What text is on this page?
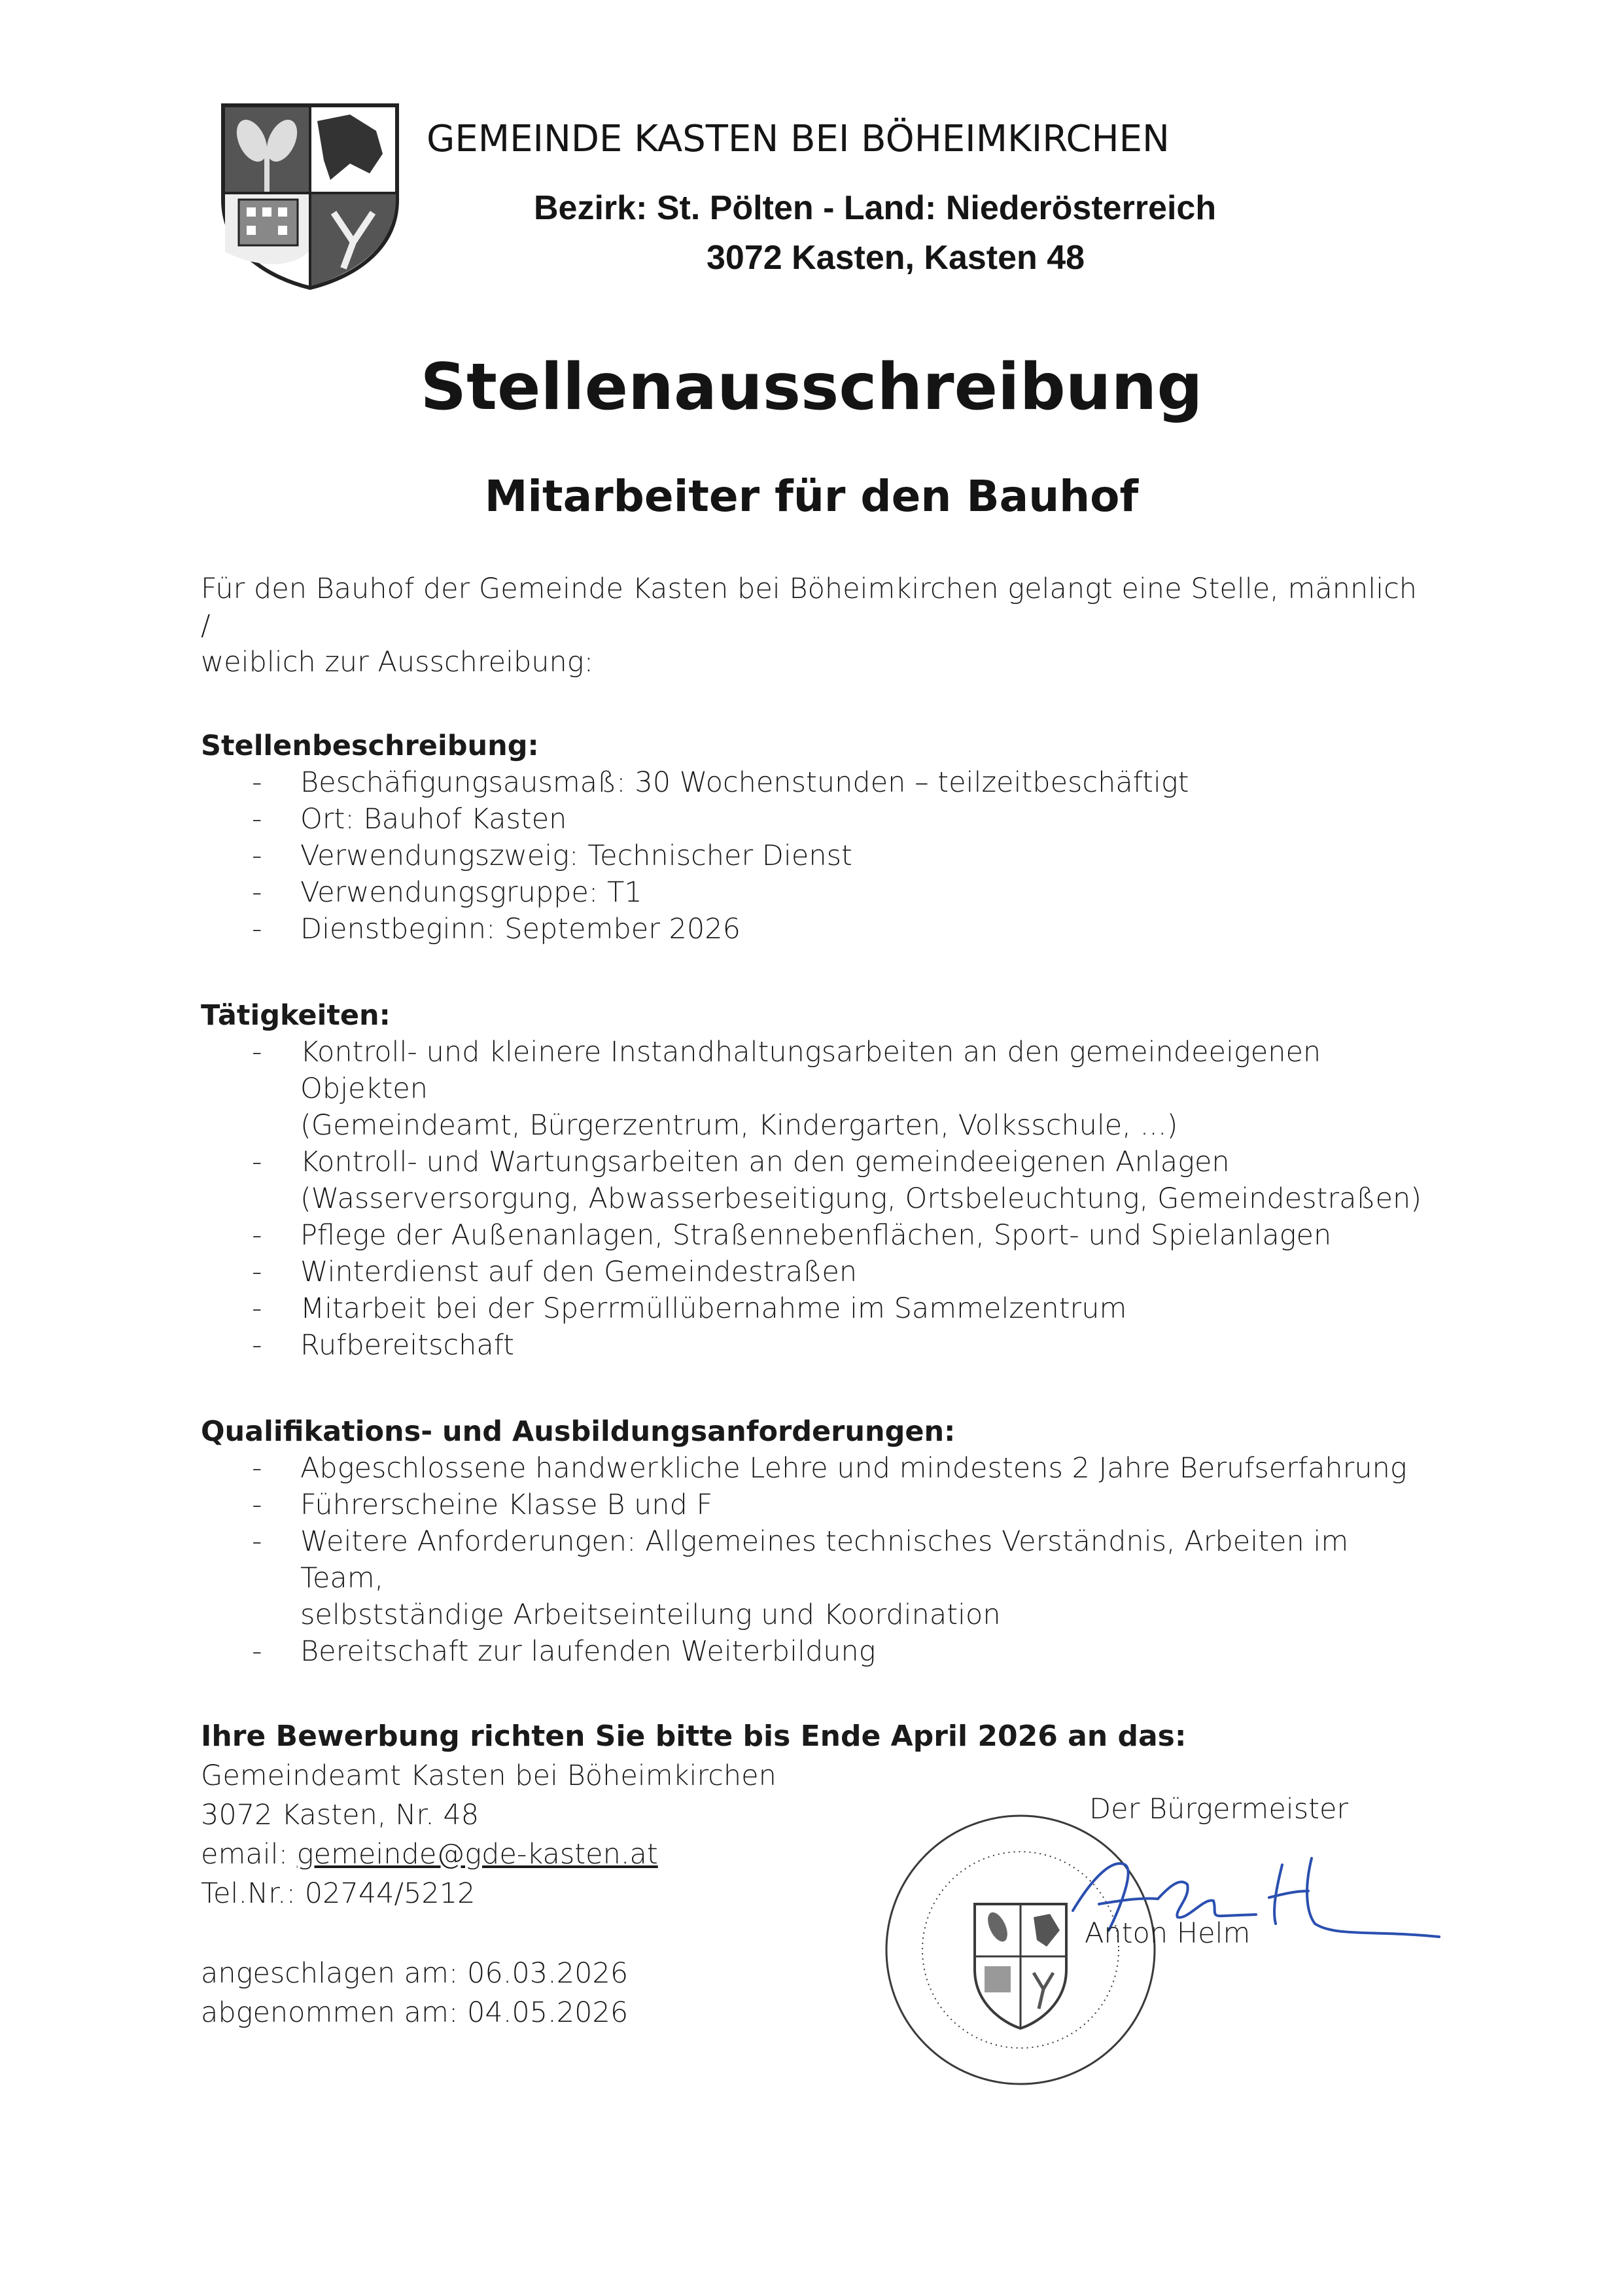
GEMEINDE KASTEN BEI BÖHEIMKIRCHEN
Bezirk: St. Pölten - Land: Niederösterreich
3072 Kasten, Kasten 48
Stellenausschreibung
Mitarbeiter für den Bauhof

Für den Bauhof der Gemeinde Kasten bei Böheimkirchen gelangt eine Stelle, männlich /

weiblich zur Ausschreibung:

Stellenbeschreibung:

- Beschäfigungsausmaß: 30 Wochenstunden – teilzeitbeschäftigt
- Ort: Bauhof Kasten
- Verwendungszweig: Technischer Dienst
- Verwendungsgruppe: T1
- Dienstbeginn: September 2026

Tätigkeiten:

- Kontroll- und kleinere Instandhaltungsarbeiten an den gemeindeeigenen Objekten
(Gemeindeamt, Bürgerzentrum, Kindergarten, Volksschule, ...)
- Kontroll- und Wartungsarbeiten an den gemeindeeigenen Anlagen
(Wasserversorgung, Abwasserbeseitigung, Ortsbeleuchtung, Gemeindestraßen)
- Pflege der Außenanlagen, Straßennebenflächen, Sport- und Spielanlagen
- Winterdienst auf den Gemeindestraßen
- Mitarbeit bei der Sperrmüllübernahme im Sammelzentrum
- Rufbereitschaft

Qualifikations- und Ausbildungsanforderungen:

- Abgeschlossene handwerkliche Lehre und mindestens 2 Jahre Berufserfahrung
- Führerscheine Klasse B und F
- Weitere Anforderungen: Allgemeines technisches Verständnis, Arbeiten im Team,
selbstständige Arbeitseinteilung und Koordination
- Bereitschaft zur laufenden Weiterbildung

Ihre Bewerbung richten Sie bitte bis Ende April 2026 an das:

Gemeindeamt Kasten bei Böheimkirchen

3072 Kasten, Nr. 48

email: gemeinde@gde-kasten.at

Tel.Nr.: 02744/5212

angeschlagen am: 06.03.2026

abgenommen am: 04.05.2026

Der Bürgermeister
Anton Helm
